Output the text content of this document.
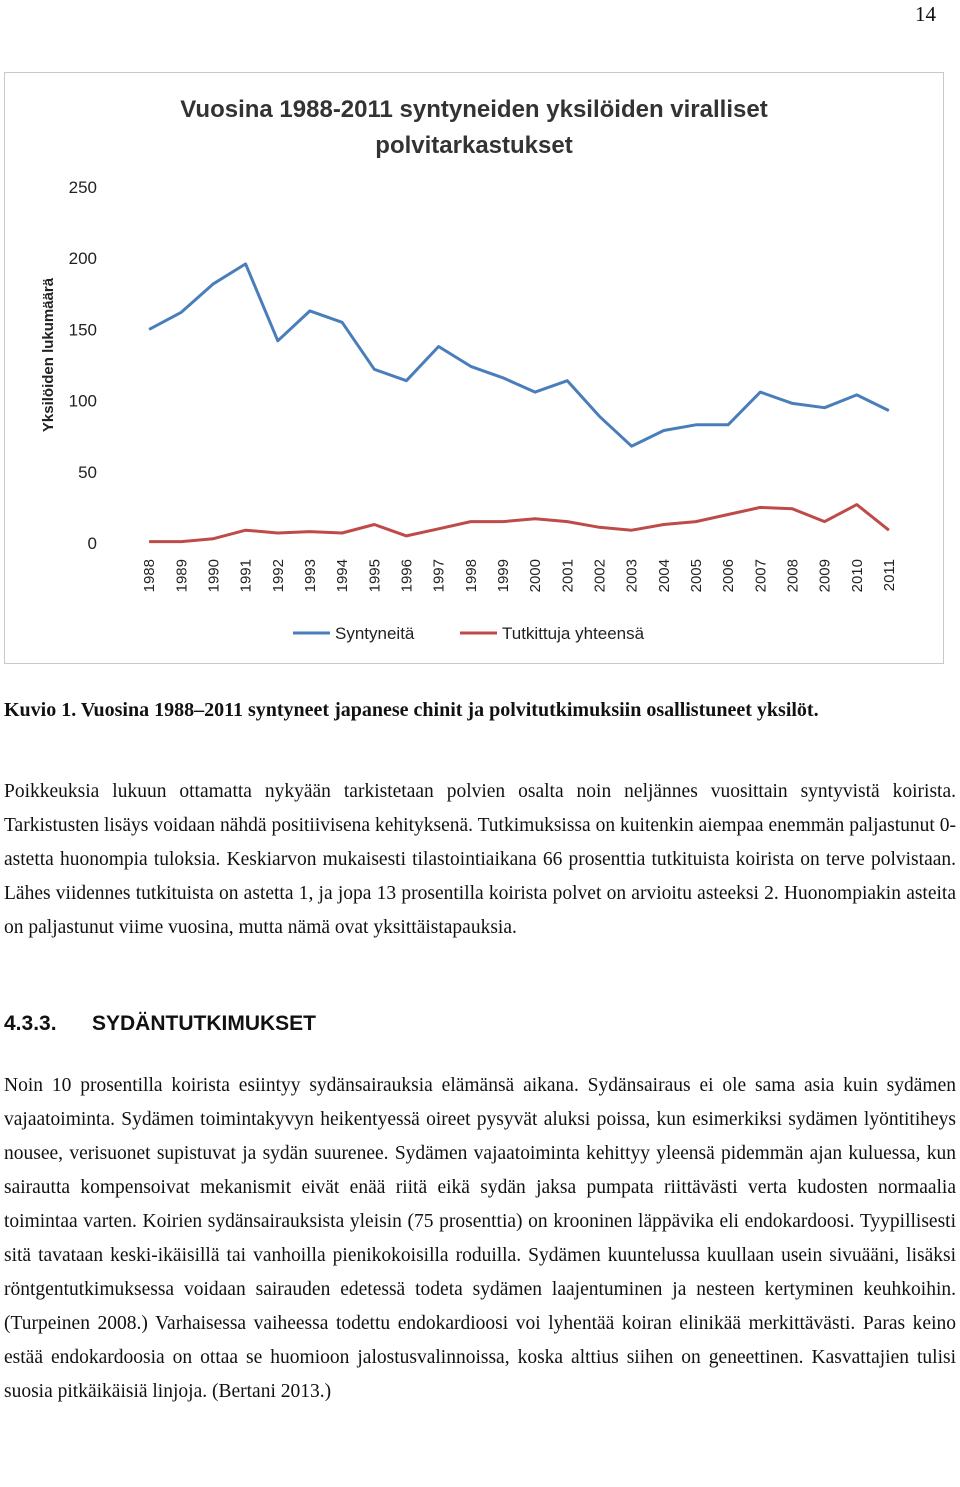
14
Vuosina 1988-2011 syntyneiden yksilöiden viralliset
polvitarkastukset
Yksilöiden lukumäärä
0
50
100
150
200
250
1988 1989 1990 1991 1992 1993 1994 1995 1996 1997 1998 1999 2000 2001 2002 2003 2004 2005 2006 2007 2008 2009 2010 2011
Syntyneitä	Tutkittuja yhteensä
Kuvio 1. Vuosina 1988–2011 syntyneet japanese chinit ja polvitutkimuksiin osallistuneet yksilöt.
Poikkeuksia lukuun ottamatta nykyään tarkistetaan polvien osalta noin neljännes vuosittain syntyvistä koirista. Tarkistusten lisäys voidaan nähdä positiivisena kehityksenä. Tutkimuksissa on kuitenkin aiempaa enemmän paljastunut 0-astetta huonompia tuloksia. Keskiarvon mukaisesti tilastointiaikana 66 prosenttia tutkituista koirista on terve polvistaan. Lähes viidennes tutkituista on astetta 1, ja jopa 13 prosentilla koirista polvet on arvioitu asteeksi 2. Huonompiakin asteita on paljastunut viime vuosina, mutta nämä ovat yksittäistapauksia.
4.3.3. SYDÄNTUTKIMUKSET
Noin 10 prosentilla koirista esiintyy sydänsairauksia elämänsä aikana. Sydänsairaus ei ole sama asia kuin sydämen vajaatoiminta. Sydämen toimintakyvyn heikentyessä oireet pysyvät aluksi poissa, kun esimerkiksi sydämen lyöntitiheys nousee, verisuonet supistuvat ja sydän suurenee. Sydämen vajaatoiminta kehittyy yleensä pidemmän ajan kuluessa, kun sairautta kompensoivat mekanismit eivät enää riitä eikä sydän jaksa pumpata riittävästi verta kudosten normaalia toimintaa varten. Koirien sydänsairauksista yleisin (75 prosenttia) on krooninen läppävika eli endokardoosi. Tyypillisesti sitä tavataan keski-ikäisillä tai vanhoilla pienikokoisilla roduilla. Sydämen kuuntelussa kuullaan usein sivuääni, lisäksi röntgentutkimuksessa voidaan sairauden edetessä todeta sydämen laajentuminen ja nesteen kertyminen keuhkoihin. (Turpeinen 2008.) Varhaisessa vaiheessa todettu endokardioosi voi lyhentää koiran elinikää merkittävästi. Paras keino estää endokardoosia on ottaa se huomioon jalostusvalinnoissa, koska alttius siihen on geneettinen. Kasvattajien tulisi suosia pitkäikäisiä linjoja. (Bertani 2013.)
